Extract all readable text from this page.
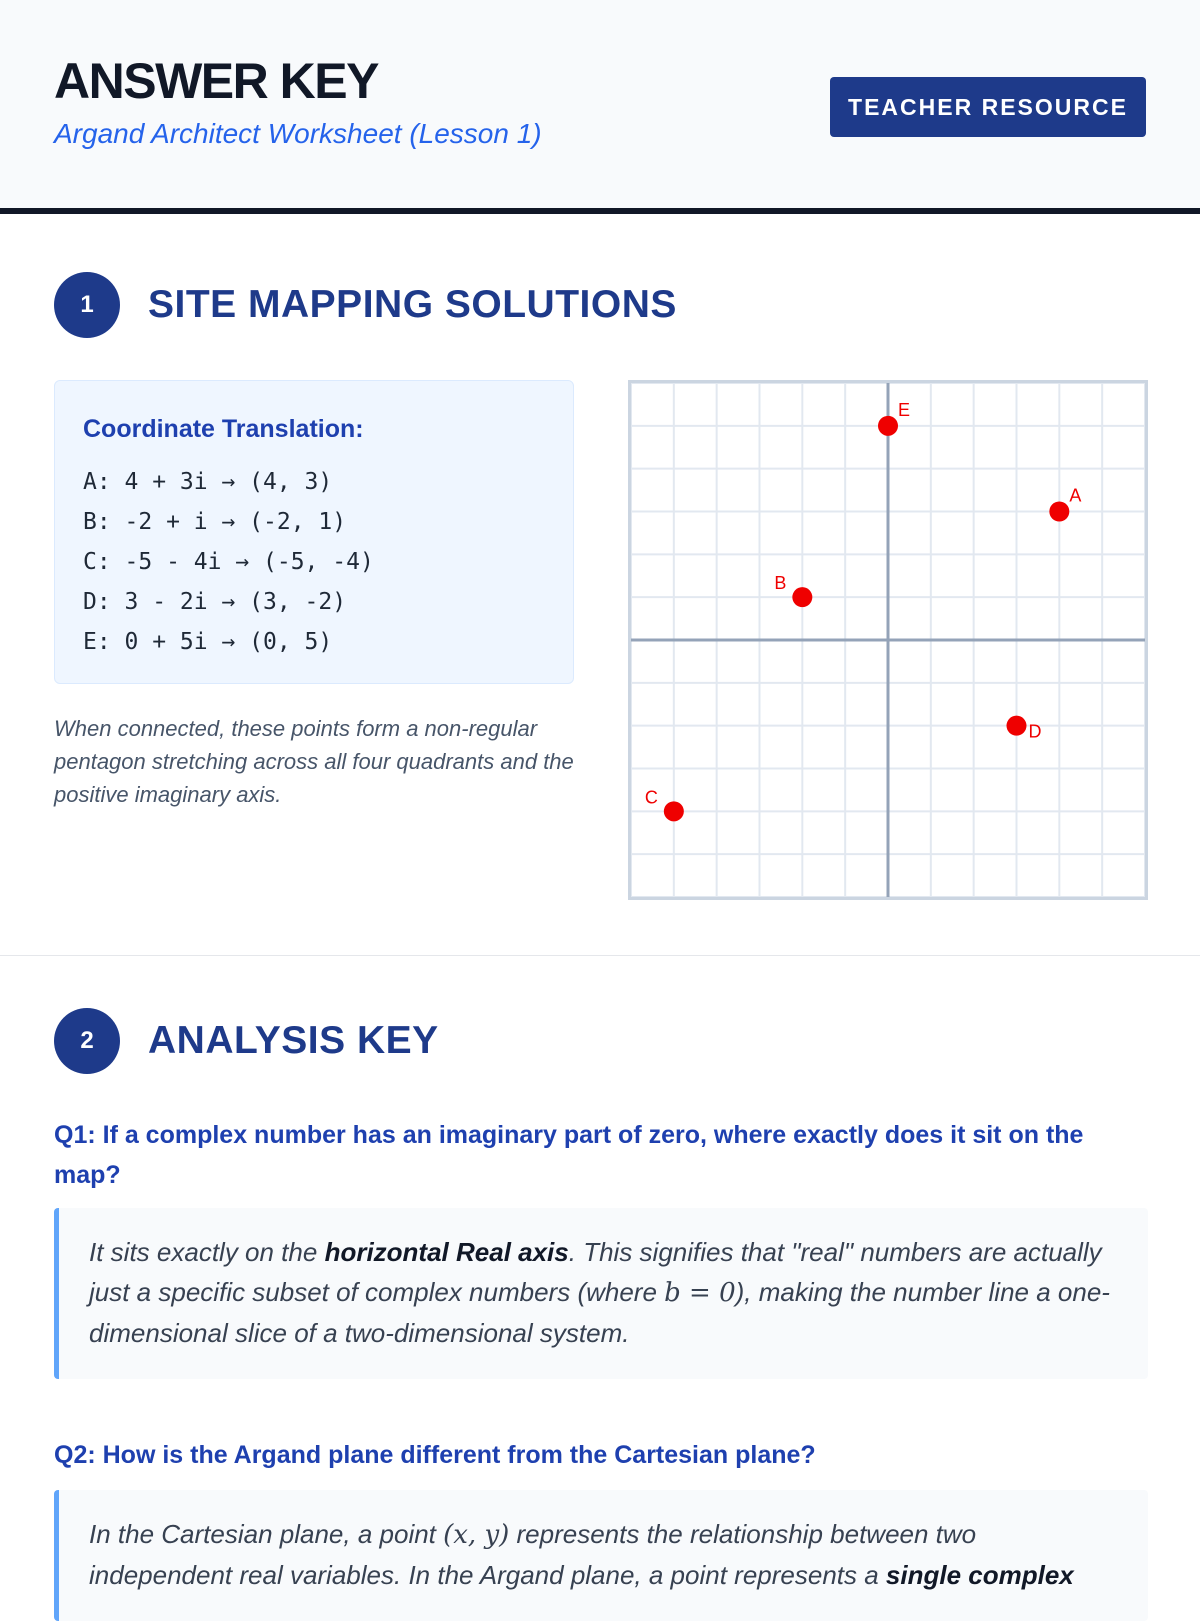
ANSWER KEY

Argand Architect Worksheet (Lesson 1)

TEACHER RESOURCE
1	SITE MAPPING SOLUTIONS
Coordinate Translation:
A: 4 + 3i → (4, 3)
B: -2 + i → (-2, 1)
C: -5 - 4i → (-5, -4)
D: 3 - 2i → (3, -2)
E: 0 + 5i → (0, 5)

When connected, these points form a non-regular pentagon stretching across all four quadrants and the positive imaginary axis.

A
B
C
D
E
2	ANALYSIS KEY

Q1: If a complex number has an imaginary part of zero, where exactly does it sit on the map?

It sits exactly on the horizontal Real axis. This signifies that "real" numbers are actually just a specific subset of complex numbers (where b = 0), making the number line a one-dimensional slice of a two-dimensional system.

Q2: How is the Argand plane different from the Cartesian plane?

In the Cartesian plane, a point (x, y) represents the relationship between two independent real variables. In the Argand plane, a point represents a single complex
